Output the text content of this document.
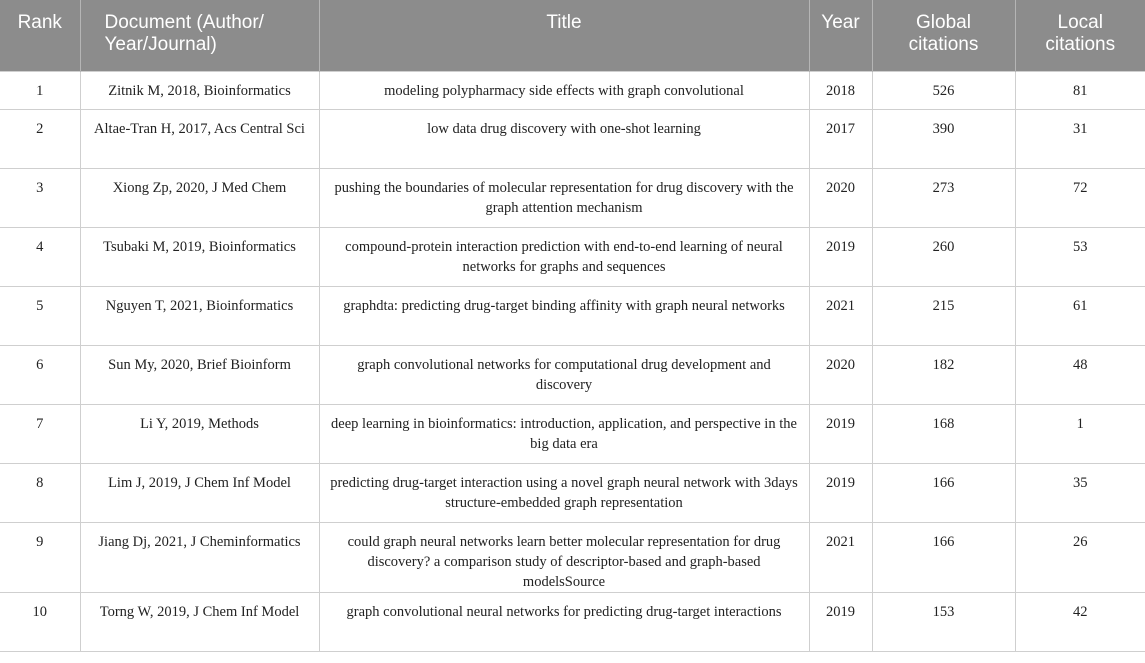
Rank	Document (Author/ Year/Journal)	Title	Year	Global citations	Local citations
1	Zitnik M, 2018, Bioinformatics	modeling polypharmacy side effects with graph convolutional	2018	526	81
2	Altae-Tran H, 2017, Acs Central Sci	low data drug discovery with one-shot learning	2017	390	31
3	Xiong Zp, 2020, J Med Chem	pushing the boundaries of molecular representation for drug discovery with the graph attention mechanism	2020	273	72
4	Tsubaki M, 2019, Bioinformatics	compound-protein interaction prediction with end-to-end learning of neural networks for graphs and sequences	2019	260	53
5	Nguyen T, 2021, Bioinformatics	graphdta: predicting drug-target binding affinity with graph neural networks	2021	215	61
6	Sun My, 2020, Brief Bioinform	graph convolutional networks for computational drug development and discovery	2020	182	48
7	Li Y, 2019, Methods	deep learning in bioinformatics: introduction, application, and perspective in the big data era	2019	168	1
8	Lim J, 2019, J Chem Inf Model	predicting drug-target interaction using a novel graph neural network with 3days structure-embedded graph representation	2019	166	35
9	Jiang Dj, 2021, J Cheminformatics	could graph neural networks learn better molecular representation for drug discovery? a comparison study of descriptor-based and graph-based modelsSource	2021	166	26
10	Torng W, 2019, J Chem Inf Model	graph convolutional neural networks for predicting drug-target interactions	2019	153	42
